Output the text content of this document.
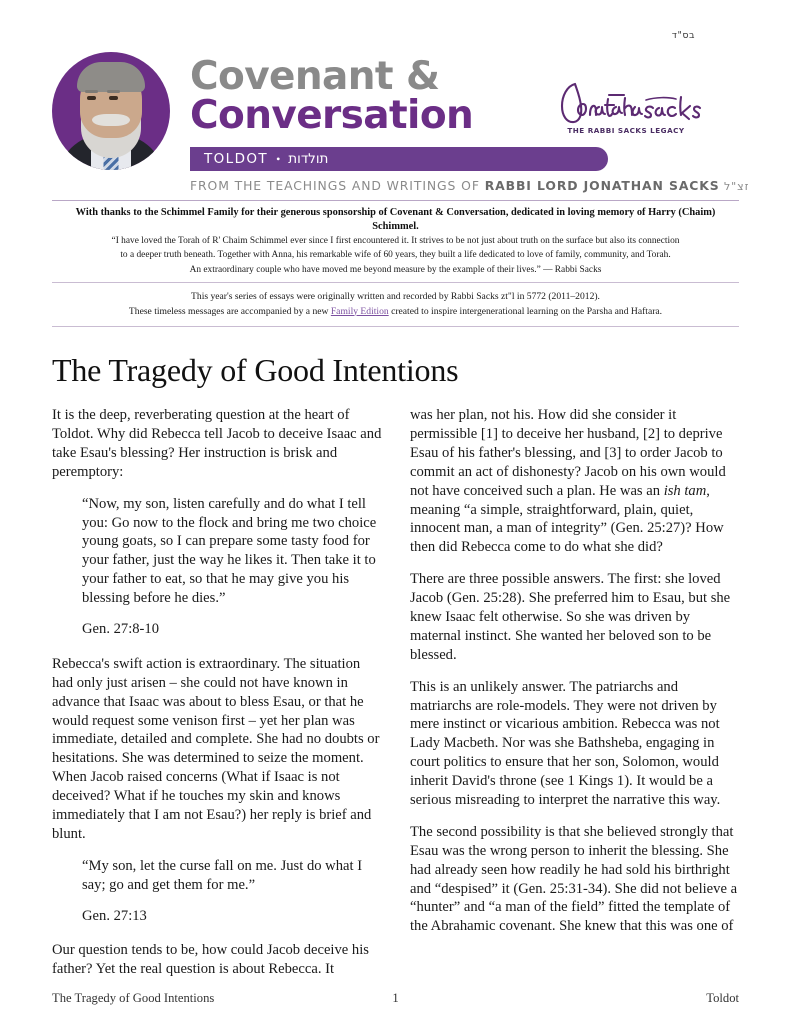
בס"ד
Covenant &
Conversation
TOLDOT • תולדות
FROM THE TEACHINGS AND WRITINGS OF RABBI LORD JONATHAN SACKS זצ"ל
THE RABBI SACKS LEGACY
With thanks to the Schimmel Family for their generous sponsorship of Covenant & Conversation, dedicated in loving memory of Harry (Chaim) Schimmel.
“I have loved the Torah of R' Chaim Schimmel ever since I first encountered it. It strives to be not just about truth on the surface but also its connection
to a deeper truth beneath. Together with Anna, his remarkable wife of 60 years, they built a life dedicated to love of family, community, and Torah.
An extraordinary couple who have moved me beyond measure by the example of their lives.” — Rabbi Sacks
This year's series of essays were originally written and recorded by Rabbi Sacks zt"l in 5772 (2011–2012).
These timeless messages are accompanied by a new Family Edition created to inspire intergenerational learning on the Parsha and Haftara.
The Tragedy of Good Intentions

It is the deep, reverberating question at the heart of Toldot. Why did Rebecca tell Jacob to deceive Isaac and take Esau's blessing? Her instruction is brisk and peremptory:

“Now, my son, listen carefully and do what I tell you: Go now to the flock and bring me two choice young goats, so I can prepare some tasty food for your father, just the way he likes it. Then take it to your father to eat, so that he may give you his blessing before he dies.”

Gen. 27:8-10

Rebecca's swift action is extraordinary. The situation had only just arisen – she could not have known in advance that Isaac was about to bless Esau, or that he would request some venison first – yet her plan was immediate, detailed and complete. She had no doubts or hesitations. She was determined to seize the moment. When Jacob raised concerns (What if Isaac is not deceived? What if he touches my skin and knows immediately that I am not Esau?) her reply is brief and blunt.

“My son, let the curse fall on me. Just do what I say; go and get them for me.”

Gen. 27:13

Our question tends to be, how could Jacob deceive his father? Yet the real question is about Rebecca. It

was her plan, not his. How did she consider it permissible [1] to deceive her husband, [2] to deprive Esau of his father's blessing, and [3] to order Jacob to commit an act of dishonesty? Jacob on his own would not have conceived such a plan. He was an ish tam, meaning “a simple, straightforward, plain, quiet, innocent man, a man of integrity” (Gen. 25:27)? How then did Rebecca come to do what she did?

There are three possible answers. The first: she loved Jacob (Gen. 25:28). She preferred him to Esau, but she knew Isaac felt otherwise. So she was driven by maternal instinct. She wanted her beloved son to be blessed.

This is an unlikely answer. The patriarchs and matriarchs are role-models. They were not driven by mere instinct or vicarious ambition. Rebecca was not Lady Macbeth. Nor was she Bathsheba, engaging in court politics to ensure that her son, Solomon, would inherit David's throne (see 1 Kings 1). It would be a serious misreading to interpret the narrative this way.

The second possibility is that she believed strongly that Esau was the wrong person to inherit the blessing. She had already seen how readily he had sold his birthright and “despised” it (Gen. 25:31-34). She did not believe a “hunter” and “a man of the field” fitted the template of the Abrahamic covenant. She knew that this was one of

The Tragedy of Good Intentions	1	Toldot
